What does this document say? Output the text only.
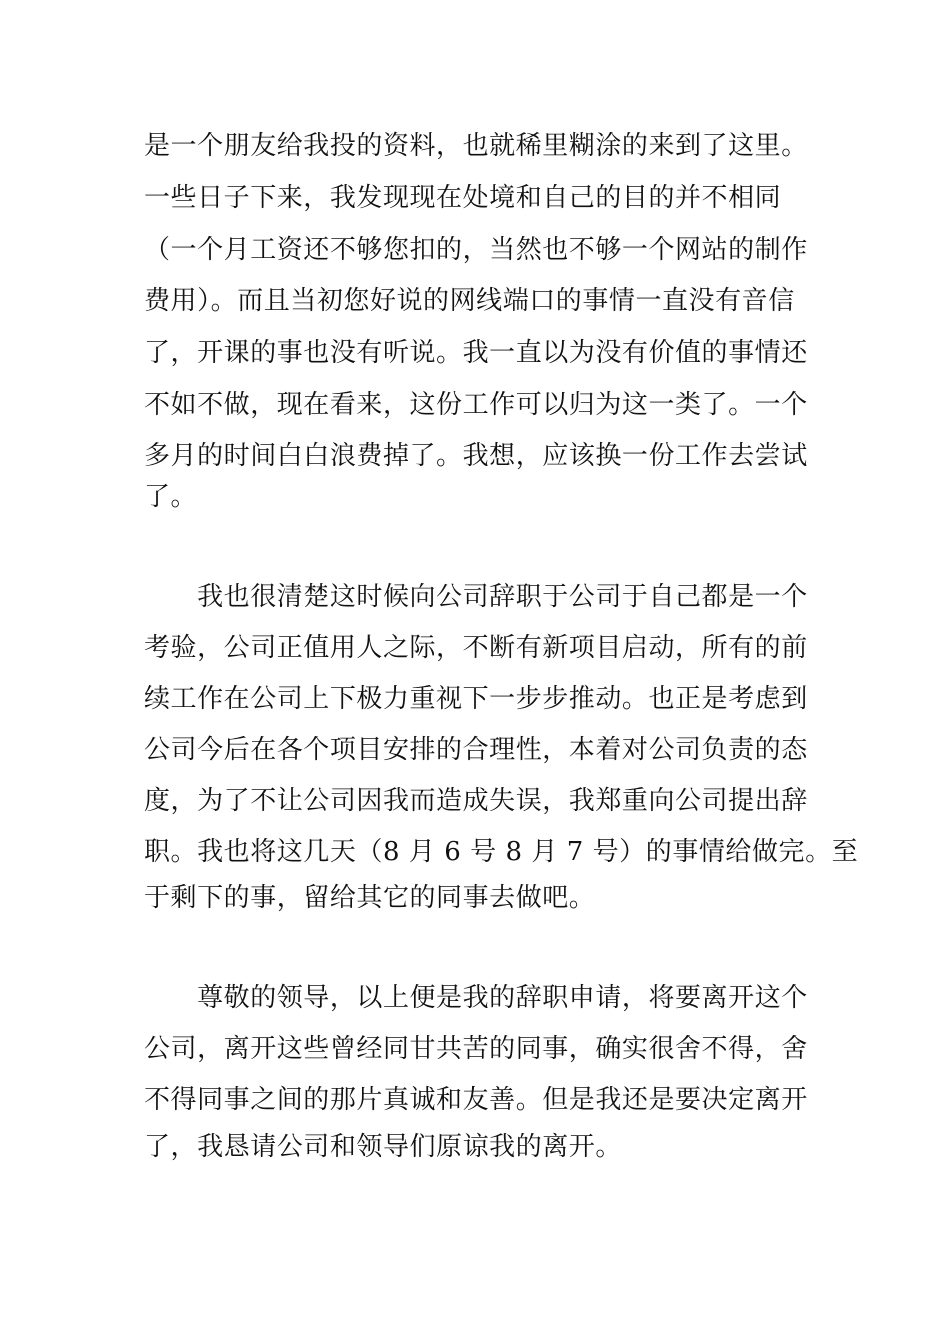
是一个朋友给我投的资料，也就稀里糊涂的来到了这里。
一些日子下来，我发现现在处境和自己的目的并不相同
（一个月工资还不够您扣的，当然也不够一个网站的制作
费用）。而且当初您好说的网线端口的事情一直没有音信
了，开课的事也没有听说。我一直以为没有价值的事情还
不如不做，现在看来，这份工作可以归为这一类了。一个
多月的时间白白浪费掉了。我想，应该换一份工作去尝试
了。
　　我也很清楚这时候向公司辞职于公司于自己都是一个
考验，公司正值用人之际，不断有新项目启动，所有的前
续工作在公司上下极力重视下一步步推动。也正是考虑到
公司今后在各个项目安排的合理性，本着对公司负责的态
度，为了不让公司因我而造成失误，我郑重向公司提出辞
职。我也将这几天（8 月 6 号 8 月 7 号）的事情给做完。至
于剩下的事，留给其它的同事去做吧。
　　尊敬的领导，以上便是我的辞职申请，将要离开这个
公司，离开这些曾经同甘共苦的同事，确实很舍不得，舍
不得同事之间的那片真诚和友善。但是我还是要决定离开
了，我恳请公司和领导们原谅我的离开。
